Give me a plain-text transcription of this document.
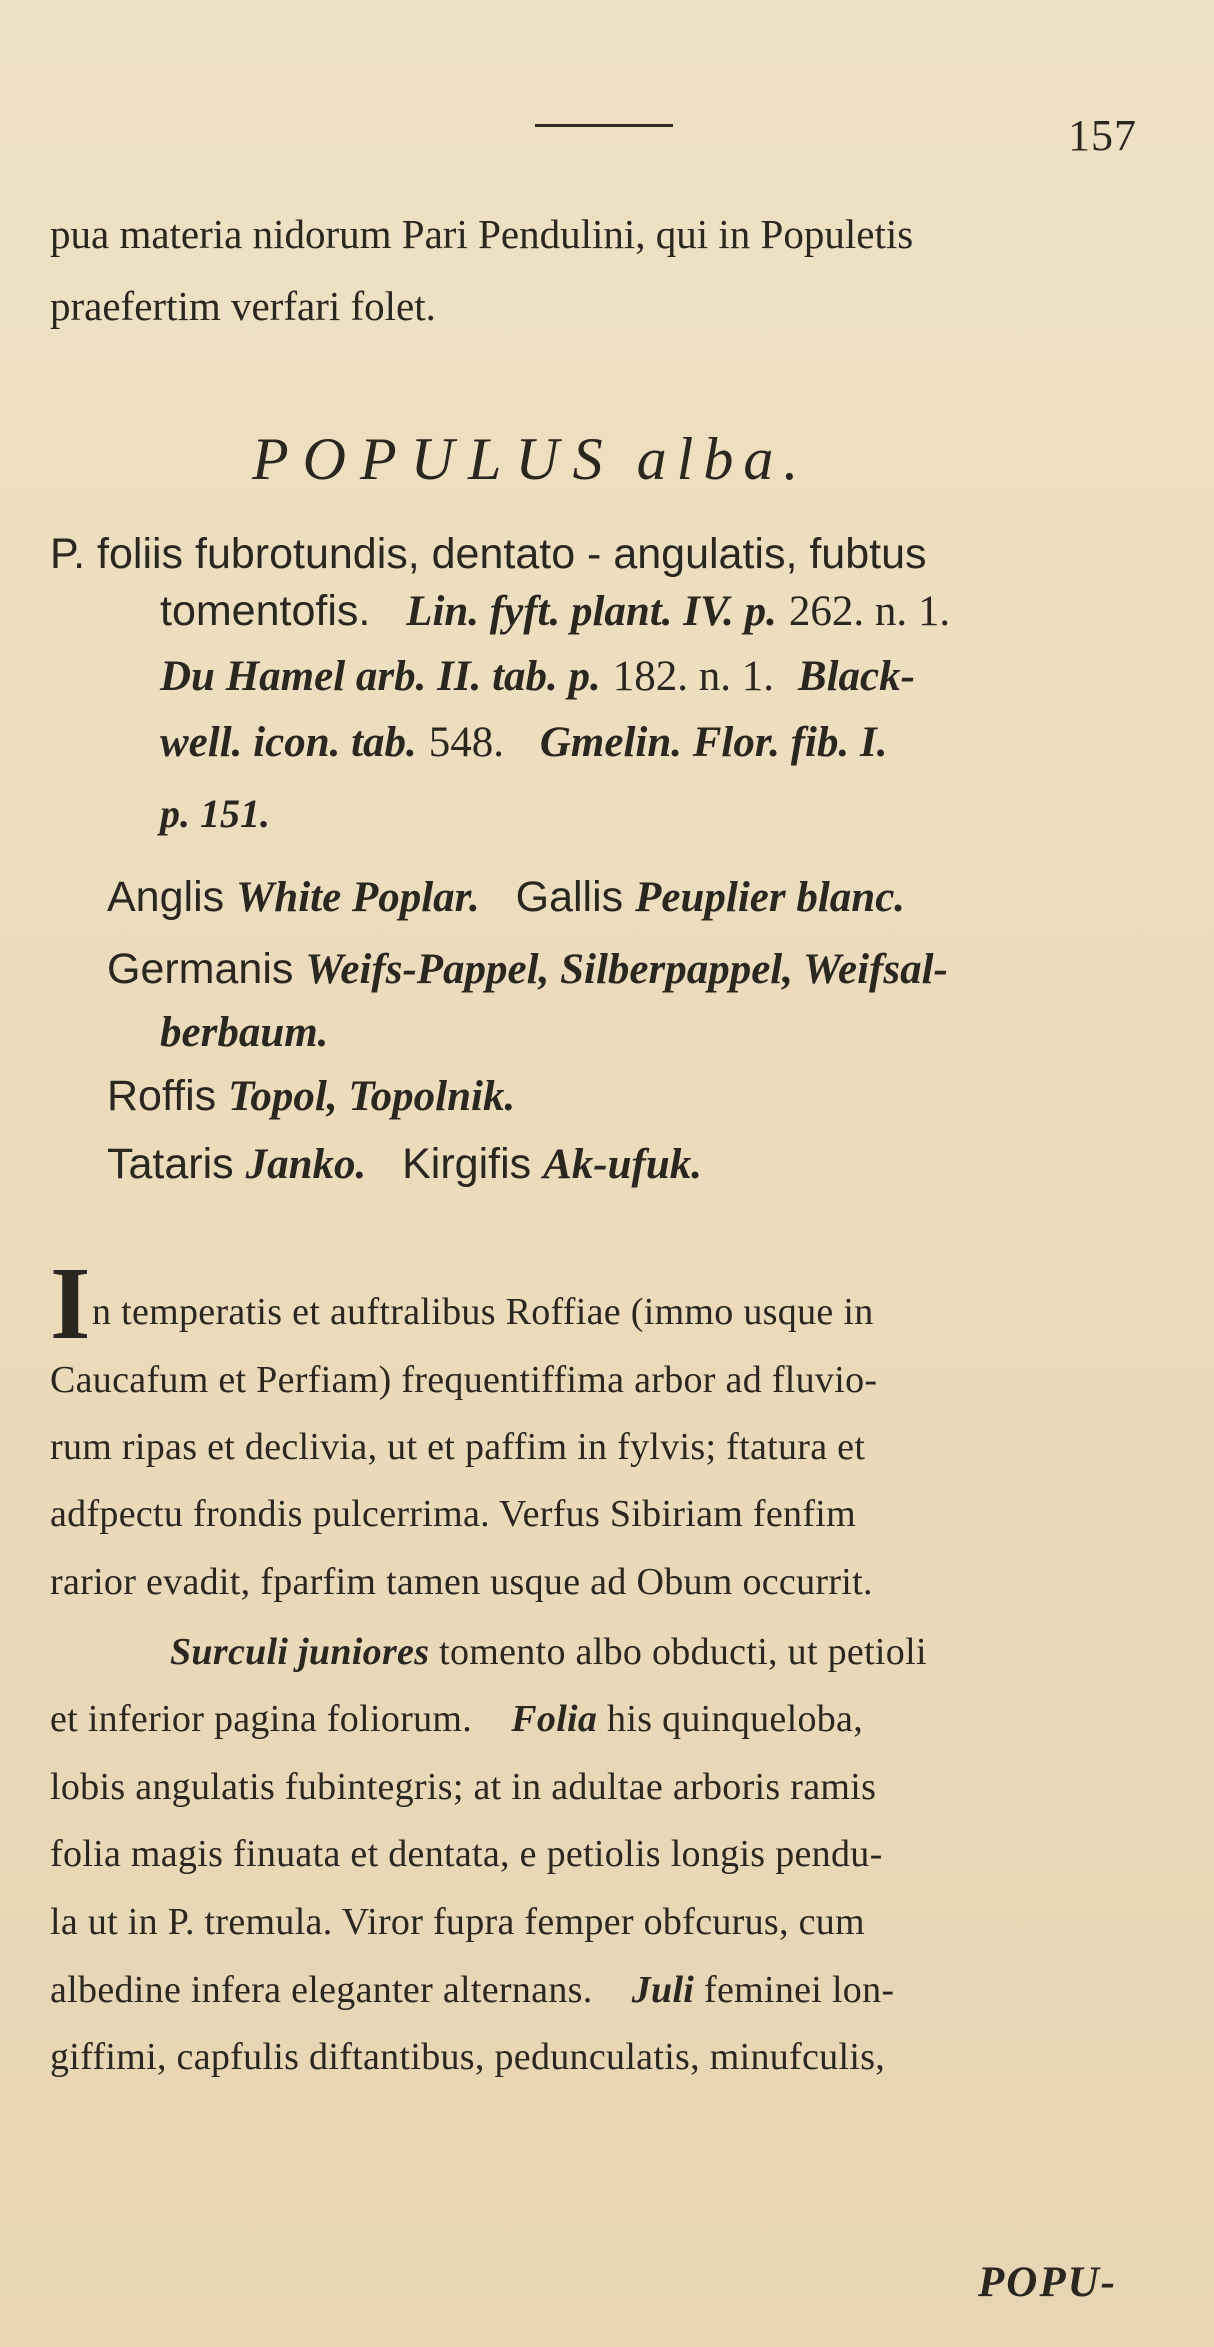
157
pua materia nidorum Pari Pendulini, qui in Populetis
praefertim verfari folet.
POPULUS alba.
P. foliis fubrotundis, dentato - angulatis, fubtus
tomentofis. Lin. fyft. plant. IV. p. 262. n. 1.
Du Hamel arb. II. tab. p. 182. n. 1. Black-
well. icon. tab. 548. Gmelin. Flor. fib. I.
p. 151.
Anglis White Poplar. Gallis Peuplier blanc.
Germanis Weifs-Pappel, Silberpappel, Weifsal-
berbaum.
Roffis Topol, Topolnik.
Tataris Janko. Kirgifis Ak-ufuk.
I n temperatis et auftralibus Roffiae (immo usque in
Caucafum et Perfiam) frequentiffima arbor ad fluvio-
rum ripas et declivia, ut et paffim in fylvis; ftatura et
adfpectu frondis pulcerrima. Verfus Sibiriam fenfim
rarior evadit, fparfim tamen usque ad Obum occurrit.
Surculi juniores tomento albo obducti, ut petioli
et inferior pagina foliorum. Folia his quinqueloba,
lobis angulatis fubintegris; at in adultae arboris ramis
folia magis finuata et dentata, e petiolis longis pendu-
la ut in P. tremula. Viror fupra femper obfcurus, cum
albedine infera eleganter alternans. Juli feminei lon-
giffimi, capfulis diftantibus, pedunculatis, minufculis,
POPU-
